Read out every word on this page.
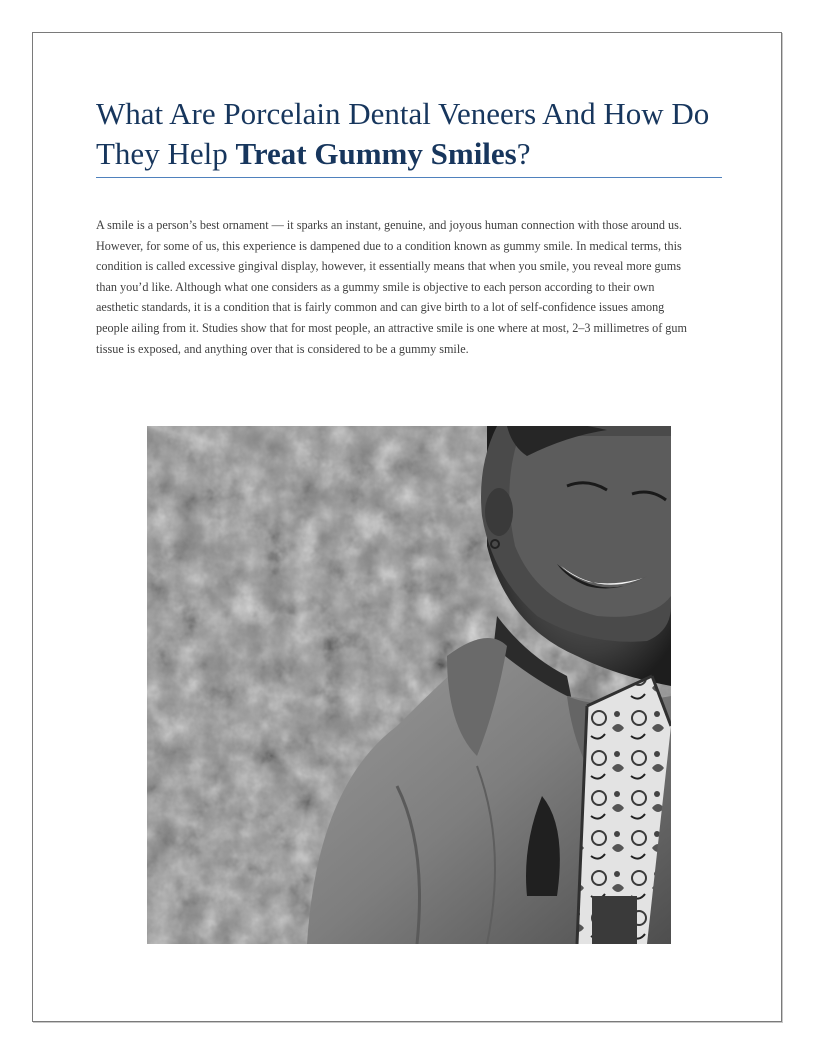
What Are Porcelain Dental Veneers And How Do They Help Treat Gummy Smiles?

A smile is a person’s best ornament — it sparks an instant, genuine, and joyous human connection with those around us. However, for some of us, this experience is dampened due to a condition known as gummy smile. In medical terms, this condition is called excessive gingival display, however, it essentially means that when you smile, you reveal more gums than you’d like. Although what one considers as a gummy smile is objective to each person according to their own aesthetic standards, it is a condition that is fairly common and can give birth to a lot of self-confidence issues among people ailing from it. Studies show that for most people, an attractive smile is one where at most, 2–3 millimetres of gum tissue is exposed, and anything over that is considered to be a gummy smile.
